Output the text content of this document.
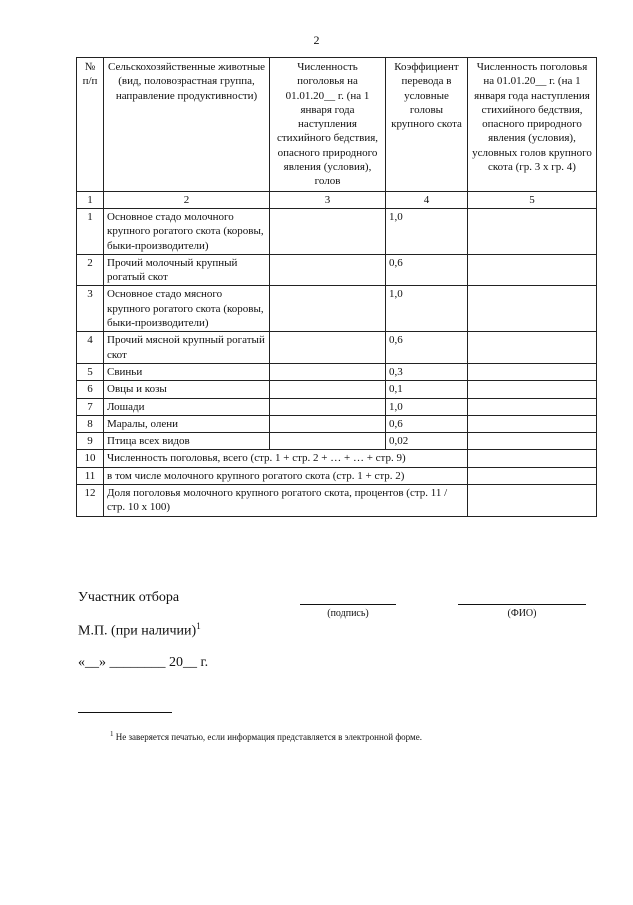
2
№ п/п	Сельскохозяйственные животные (вид, половозрастная группа, направление продуктивности)	Численность поголовья на 01.01.20__ г. (на 1 января года наступления стихийного бедствия, опасного природного явления (условия), голов	Коэффициент перевода в условные головы крупного скота	Численность поголовья на 01.01.20__ г. (на 1 января года наступления стихийного бедствия, опасного природного явления (условия), условных голов крупного скота (гр. 3 х гр. 4)
1	2	3	4	5
1	Основное стадо молочного крупного рогатого скота (коровы, быки-производители)		1,0	
2	Прочий молочный крупный рогатый скот		0,6	
3	Основное стадо мясного крупного рогатого скота (коровы, быки-производители)		1,0	
4	Прочий мясной крупный рогатый скот		0,6	
5	Свиньи		0,3	
6	Овцы и козы		0,1	
7	Лошади		1,0	
8	Маралы, олени		0,6	
9	Птица всех видов		0,02	
10	Численность поголовья, всего (стр. 1 + стр. 2 + … + … + стр. 9)			
11	в том числе молочного крупного рогатого скота (стр. 1 + стр. 2)			
12	Доля поголовья молочного крупного рогатого скота, процентов (стр. 11 / стр. 10 х 100)			
Участник отбора
(подпись)	(ФИО)
М.П. (при наличии)$^1$
«__» ________ 20__ г.
$^1$ Не заверяется печатью, если информация представляется в электронной форме.
